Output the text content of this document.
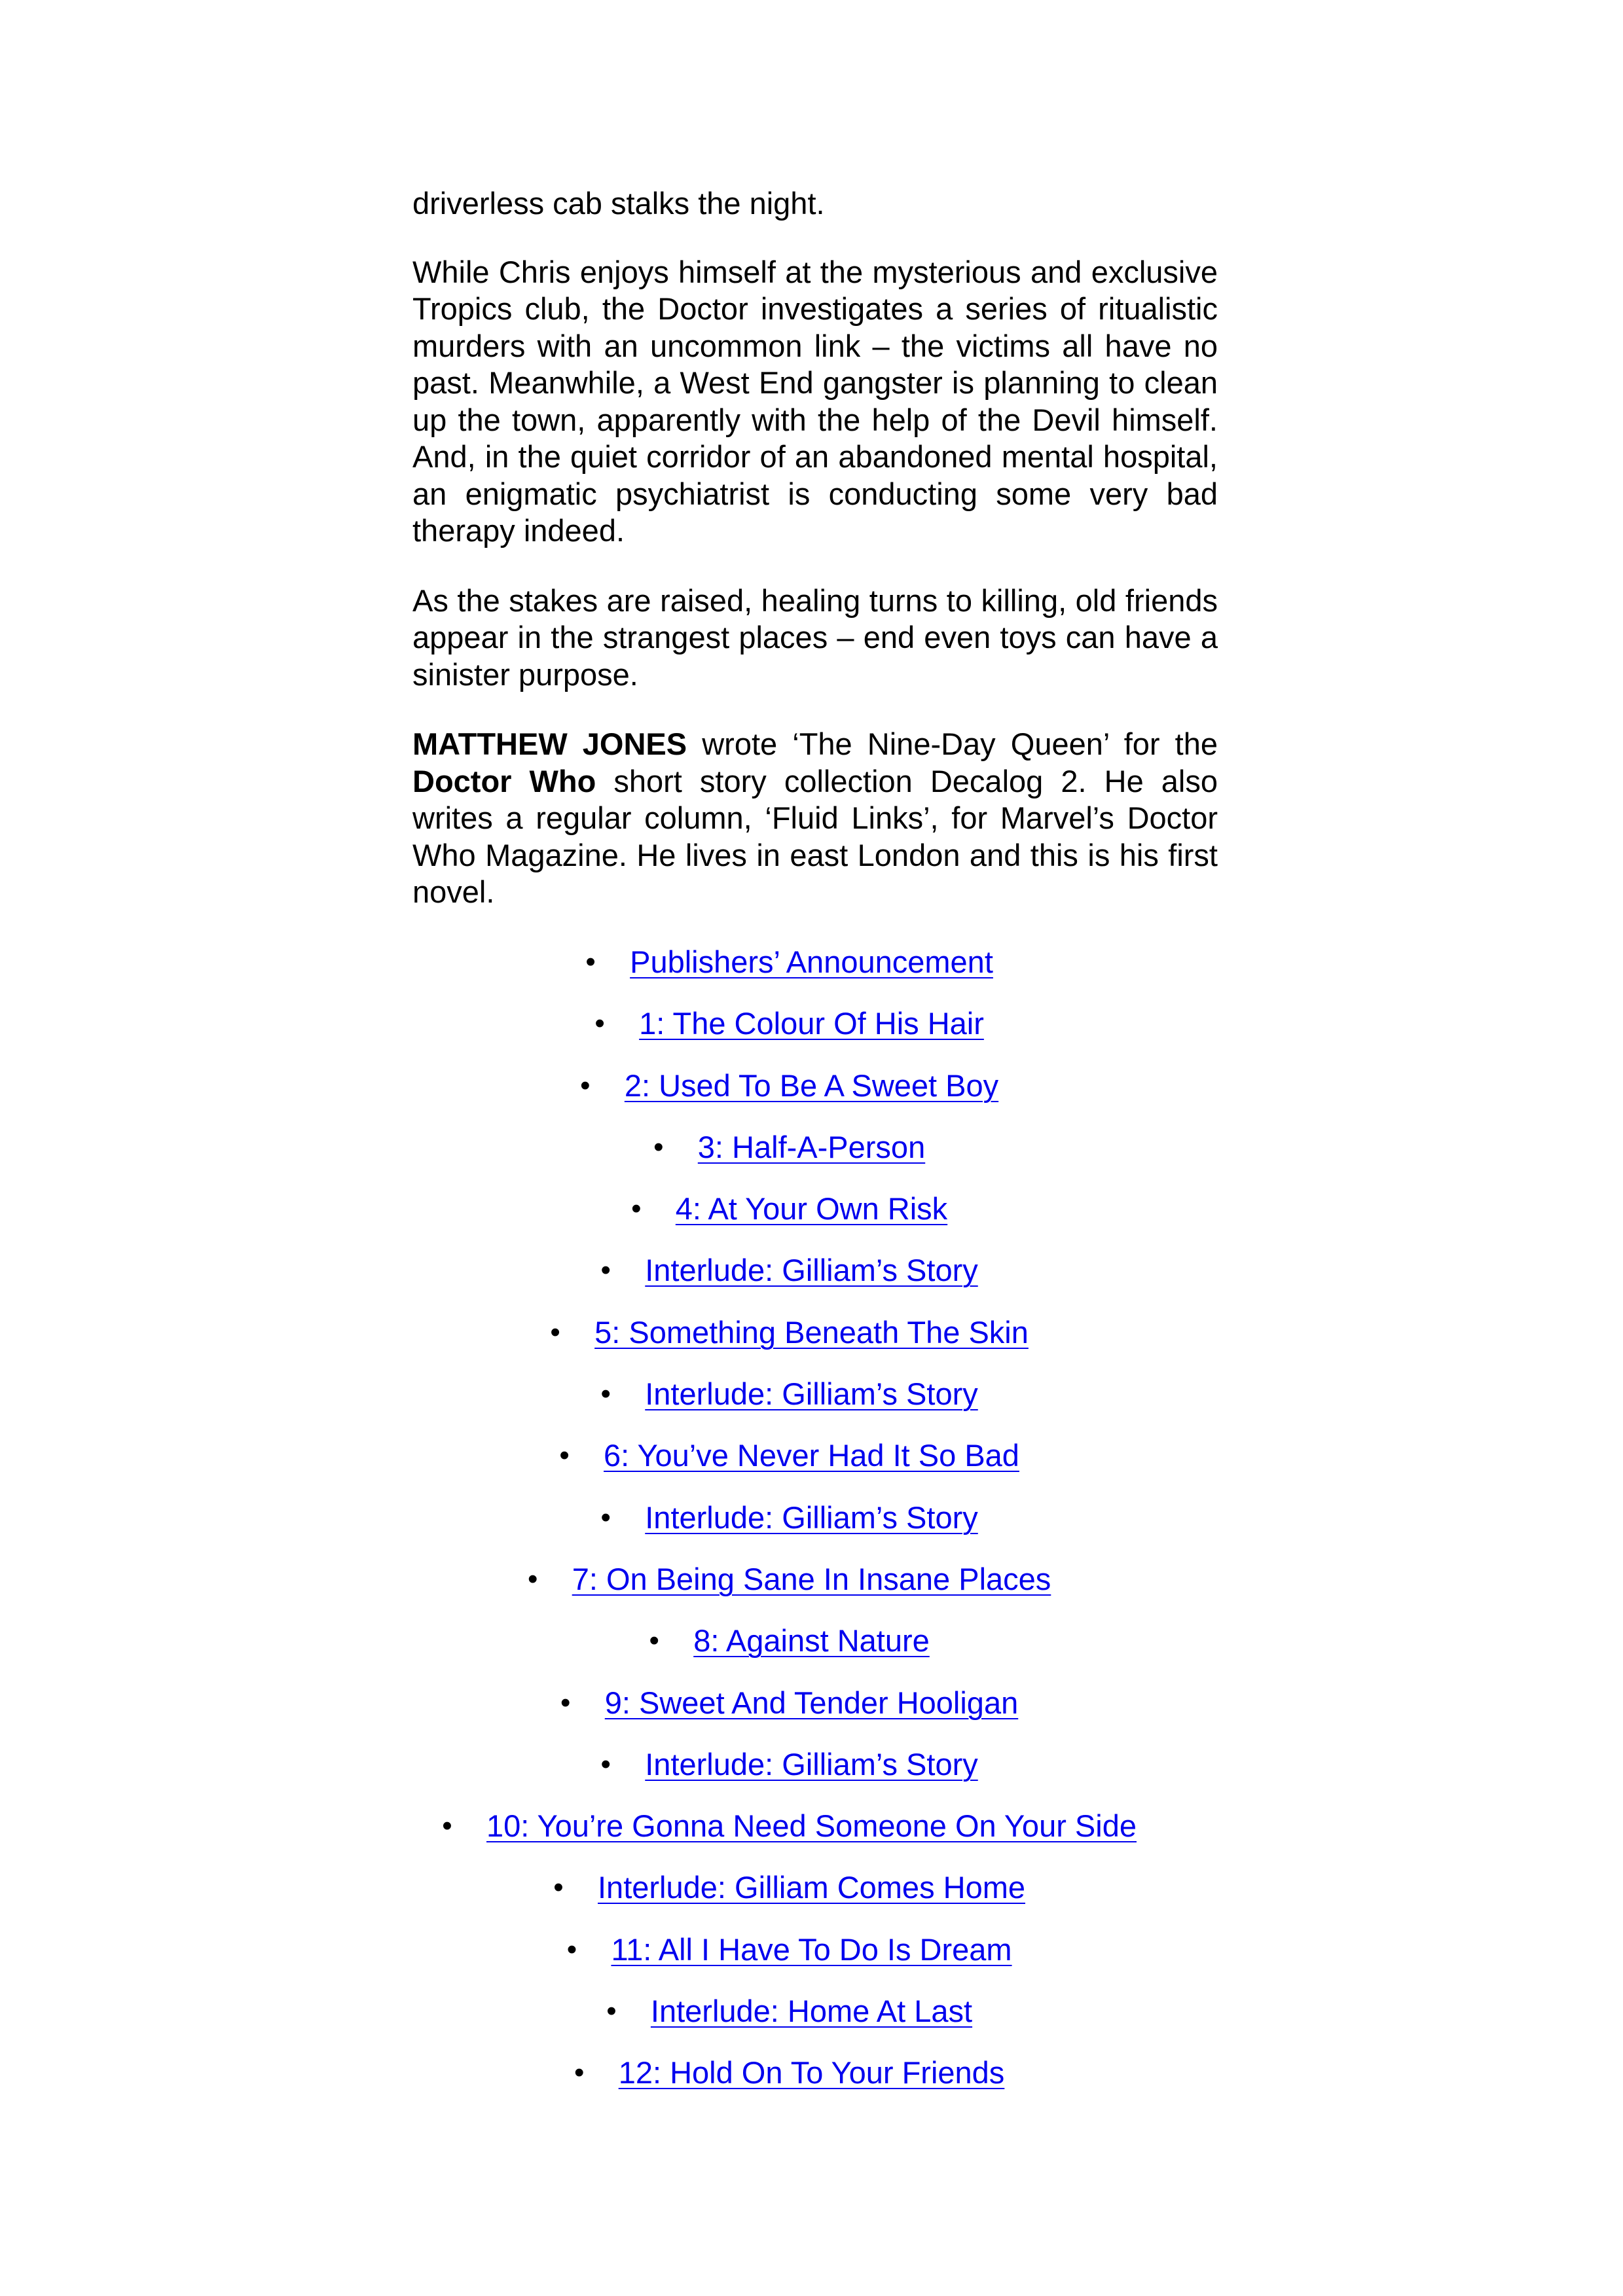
driverless cab stalks the night.

While Chris enjoys himself at the mysterious and exclusive Tropics club, the Doctor investigates a series of ritualistic murders with an uncommon link – the victims all have no past. Meanwhile, a West End gangster is planning to clean up the town, apparently with the help of the Devil himself. And, in the quiet corridor of an abandoned mental hospital, an enigmatic psychiatrist is conducting some very bad therapy indeed.

As the stakes are raised, healing turns to killing, old friends appear in the strangest places – end even toys can have a sinister purpose.

MATTHEW JONES wrote ‘The Nine-Day Queen’ for the Doctor Who short story collection Decalog 2. He also writes a regular column, ‘Fluid Links’, for Marvel’s Doctor Who Magazine. He lives in east London and this is his first novel.

• Publishers’ Announcement
• 1: The Colour Of His Hair
• 2: Used To Be A Sweet Boy
• 3: Half-A-Person
• 4: At Your Own Risk
• Interlude: Gilliam’s Story
• 5: Something Beneath The Skin
• Interlude: Gilliam’s Story
• 6: You’ve Never Had It So Bad
• Interlude: Gilliam’s Story
• 7: On Being Sane In Insane Places
• 8: Against Nature
• 9: Sweet And Tender Hooligan
• Interlude: Gilliam’s Story
• 10: You’re Gonna Need Someone On Your Side
• Interlude: Gilliam Comes Home
• 11: All I Have To Do Is Dream
• Interlude: Home At Last
• 12: Hold On To Your Friends
